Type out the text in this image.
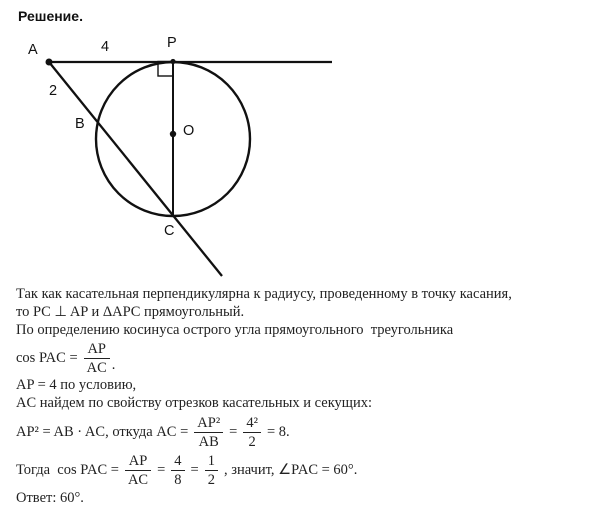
Решение.
A	4	P
2
B	O
C

Так как касательная перпендикулярна к радиусу, проведенному в точку касания,

то PC ⊥ AP и ΔAPC прямоугольный.

По определению косинуса острого угла прямоугольного  треугольника

cos PAC = $\frac{AP}{AC}$ .

AP = 4 по условию,

AC найдем по свойству отрезков касательных и секущих:

AP² = AB · AC, откуда AC = $\frac{\text{AP²}}{AB} = \frac{\text{4²}}{2} = 8$.
Тогда  cos PAC = $\frac{AP}{AC} = \frac{4}{8} = \frac{1}{2}$ , значит, ∠PAC = 60°.

Ответ: 60°.
